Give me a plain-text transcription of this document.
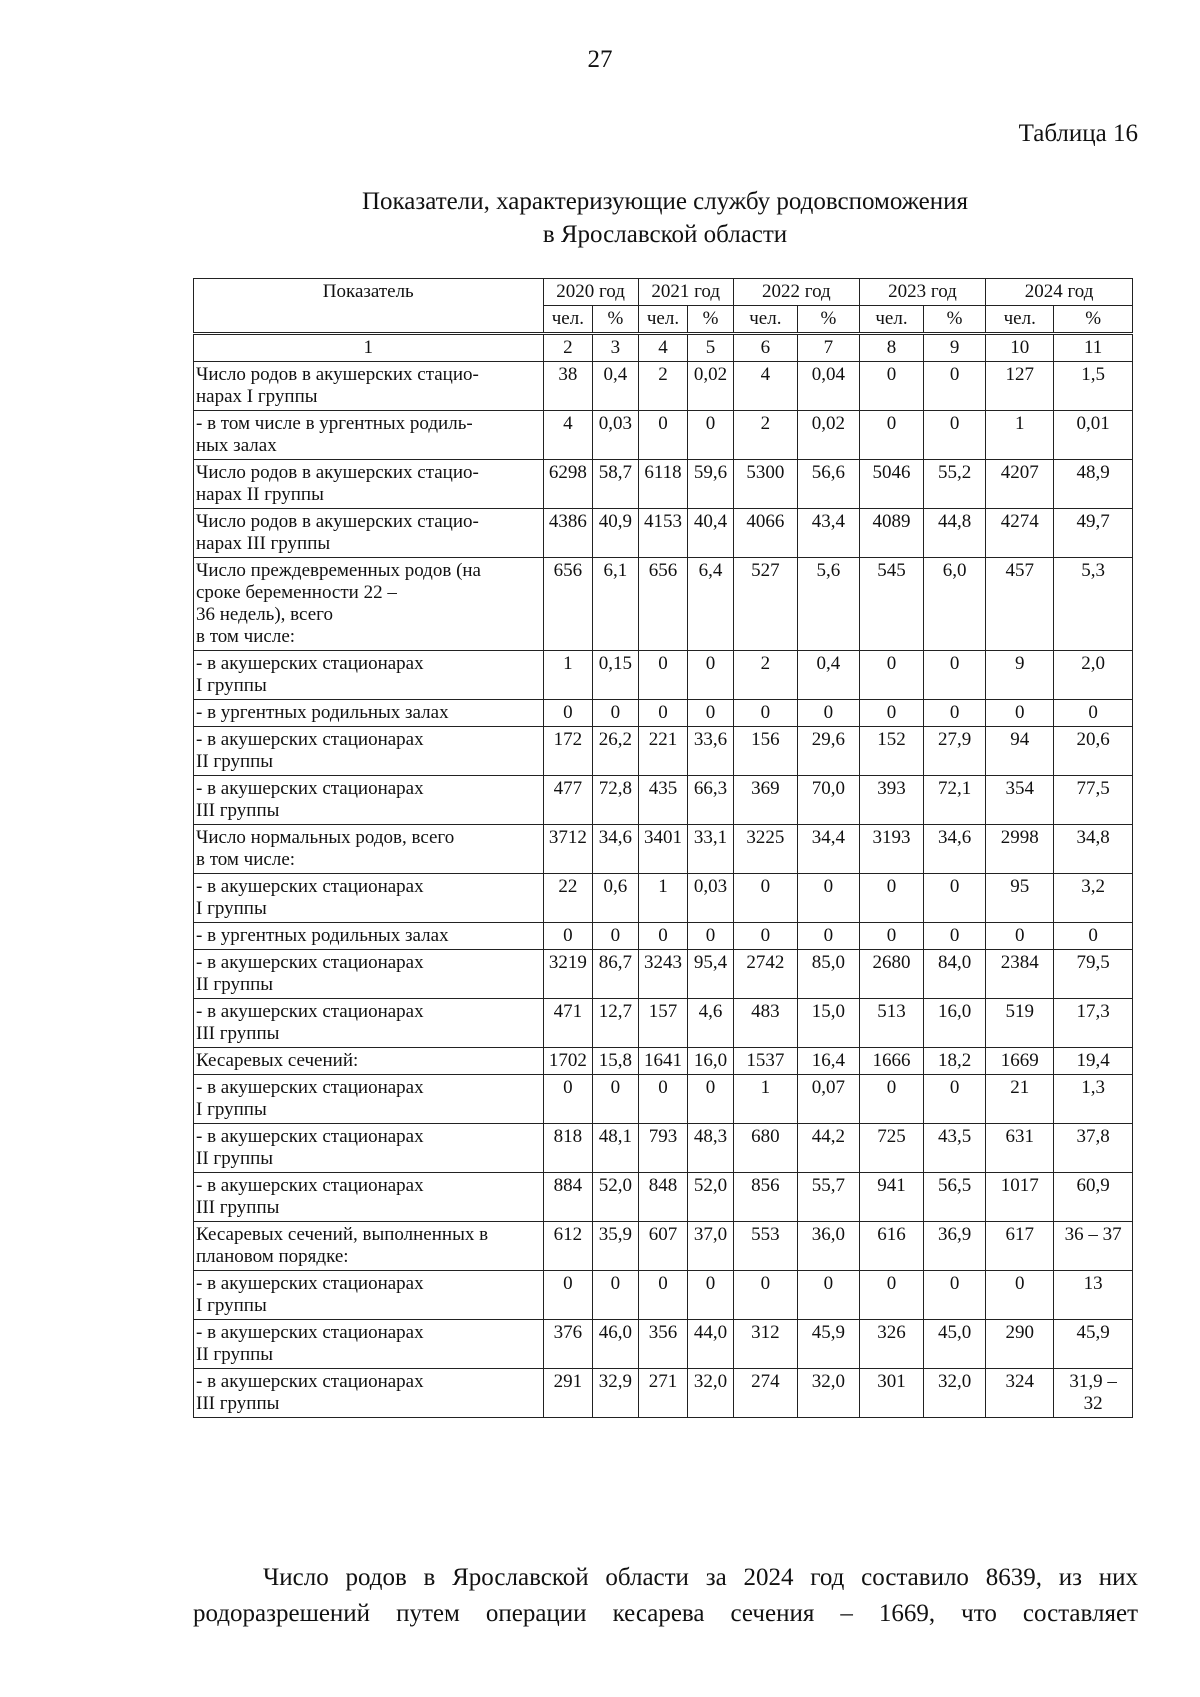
27
Таблица 16
Показатели, характеризующие службу родовспоможения
в Ярославской области
Показатель	2020 год		2021 год		2022 год		2023 год		2024 год	
	чел.	%	чел.	%	чел.	%	чел.	%	чел.	%
1	2	3	4	5	6	7	8	9	10	11
Число родов в акушерских стацио-
нарах I группы	38	0,4	2	0,02	4	0,04	0	0	127	1,5
- в том числе в ургентных родиль-
ных залах	4	0,03	0	0	2	0,02	0	0	1	0,01
Число родов в акушерских стацио-
нарах II группы	6298	58,7	6118	59,6	5300	56,6	5046	55,2	4207	48,9
Число родов в акушерских стацио-
нарах III группы	4386	40,9	4153	40,4	4066	43,4	4089	44,8	4274	49,7
Число преждевременных родов (на
сроке беременности 22 –
36 недель), всего
в том числе:	656	6,1	656	6,4	527	5,6	545	6,0	457	5,3
- в акушерских стационарах
I группы	1	0,15	0	0	2	0,4	0	0	9	2,0
- в ургентных родильных залах	0	0	0	0	0	0	0	0	0	0
- в акушерских стационарах
II группы	172	26,2	221	33,6	156	29,6	152	27,9	94	20,6
- в акушерских стационарах
III группы	477	72,8	435	66,3	369	70,0	393	72,1	354	77,5
Число нормальных родов, всего
в том числе:	3712	34,6	3401	33,1	3225	34,4	3193	34,6	2998	34,8
- в акушерских стационарах
I группы	22	0,6	1	0,03	0	0	0	0	95	3,2
- в ургентных родильных залах	0	0	0	0	0	0	0	0	0	0
- в акушерских стационарах
II группы	3219	86,7	3243	95,4	2742	85,0	2680	84,0	2384	79,5
- в акушерских стационарах
III группы	471	12,7	157	4,6	483	15,0	513	16,0	519	17,3
Кесаревых сечений:	1702	15,8	1641	16,0	1537	16,4	1666	18,2	1669	19,4
- в акушерских стационарах
I группы	0	0	0	0	1	0,07	0	0	21	1,3
- в акушерских стационарах
II группы	818	48,1	793	48,3	680	44,2	725	43,5	631	37,8
- в акушерских стационарах
III группы	884	52,0	848	52,0	856	55,7	941	56,5	1017	60,9
Кесаревых сечений, выполненных в
плановом порядке:	612	35,9	607	37,0	553	36,0	616	36,9	617	36 – 37
- в акушерских стационарах
I группы	0	0	0	0	0	0	0	0	0	13
- в акушерских стационарах
II группы	376	46,0	356	44,0	312	45,9	326	45,0	290	45,9
- в акушерских стационарах
III группы	291	32,9	271	32,0	274	32,0	301	32,0	324	31,9 –
32
Число родов в Ярославской области за 2024 год составило 8639, из них
родоразрешений путем операции кесарева сечения – 1669, что составляет
